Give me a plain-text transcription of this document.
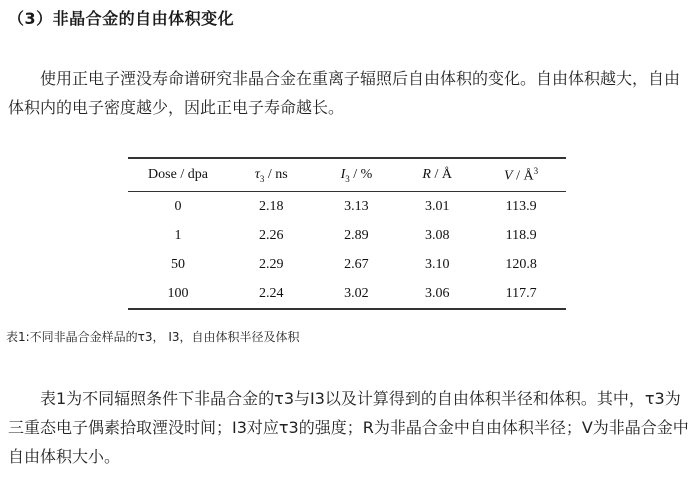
（3）非晶合金的自由体积变化
使用正电子湮没寿命谱研究非晶合金在重离子辐照后自由体积的变化。自由体积越大，自由体积内的电子密度越少，因此正电子寿命越长。
Dose / dpa	$\tau_3$ / ns	$I_3$ / %	R / Å	V / $Å^3$
0	2.18	3.13	3.01	113.9
1	2.26	2.89	3.08	118.9
50	2.29	2.67	3.10	120.8
100	2.24	3.02	3.06	117.7
表1:不同非晶合金样品的τ3， I3，自由体积半径及体积
表1为不同辐照条件下非晶合金的τ3与I3以及计算得到的自由体积半径和体积。其中，τ3为三重态电子偶素拾取湮没时间；I3对应τ3的强度；R为非晶合金中自由体积半径；V为非晶合金中自由体积大小。
